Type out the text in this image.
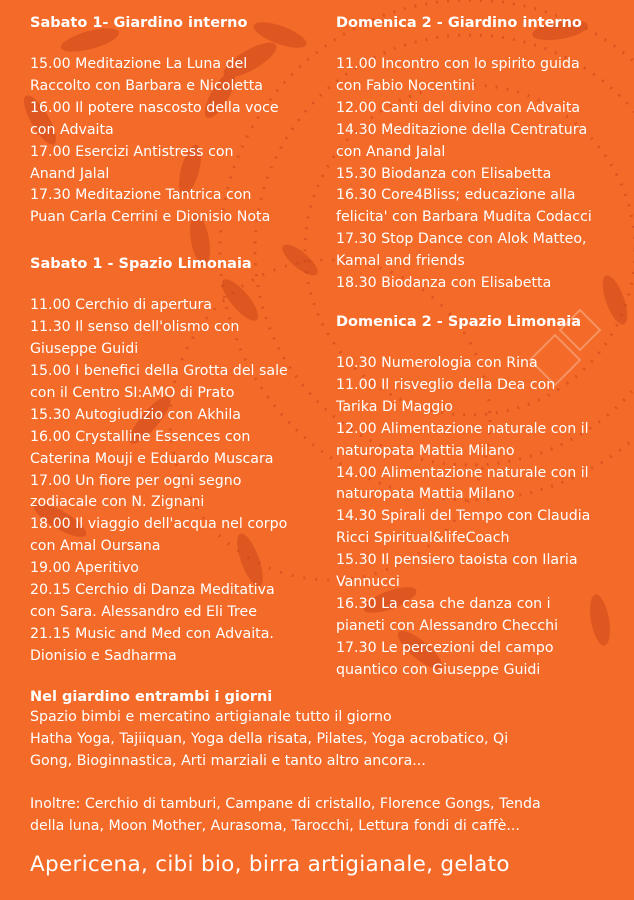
Sabato 1- Giardino interno
15.00 Meditazione La Luna del
Raccolto con Barbara e Nicoletta
16.00 Il potere nascosto della voce
con Advaita
17.00 Esercizi Antistress con
Anand Jalal
17.30 Meditazione Tantrica con
Puan Carla Cerrini e Dionisio Nota
Sabato 1 - Spazio Limonaia
11.00 Cerchio di apertura
11.30 Il senso dell'olismo con
Giuseppe Guidi
15.00 I benefici della Grotta del sale
con il Centro SI:AMO di Prato
15.30 Autogiudizio con Akhila
16.00 Crystalline Essences con
Caterina Mouji e Eduardo Muscara
17.00 Un fiore per ogni segno
zodiacale con N. Zignani
18.00 Il viaggio dell'acqua nel corpo
con Amal Oursana
19.00 Aperitivo
20.15 Cerchio di Danza Meditativa
con Sara. Alessandro ed Eli Tree
21.15 Music and Med con Advaita.
Dionisio e Sadharma
Domenica 2 - Giardino interno
11.00 Incontro con lo spirito guida
con Fabio Nocentini
12.00 Canti del divino con Advaita
14.30 Meditazione della Centratura
con Anand Jalal
15.30 Biodanza con Elisabetta
16.30 Core4Bliss; educazione alla
felicita' con Barbara Mudita Codacci
17.30 Stop Dance con Alok Matteo,
Kamal and friends
18.30 Biodanza con Elisabetta
Domenica 2 - Spazio Limonaia
10.30 Numerologia con Rina
11.00 Il risveglio della Dea con
Tarika Di Maggio
12.00 Alimentazione naturale con il
naturopata Mattia Milano
14.00 Alimentazione naturale con il
naturopata Mattia Milano
14.30 Spirali del Tempo con Claudia
Ricci Spiritual&lifeCoach
15.30 Il pensiero taoista con Ilaria
Vannucci
16.30 La casa che danza con i
pianeti con Alessandro Checchi
17.30 Le percezioni del campo
quantico con Giuseppe Guidi
Nel giardino entrambi i giorni

Spazio bimbi e mercatino artigianale tutto il giorno

Hatha Yoga, Tajiiquan, Yoga della risata, Pilates, Yoga acrobatico, Qi

Gong, Bioginnastica, Arti marziali e tanto altro ancora...

Inoltre: Cerchio di tamburi, Campane di cristallo, Florence Gongs, Tenda

della luna, Moon Mother, Aurasoma, Tarocchi, Lettura fondi di caffè...

Apericena, cibi bio, birra artigianale, gelato
